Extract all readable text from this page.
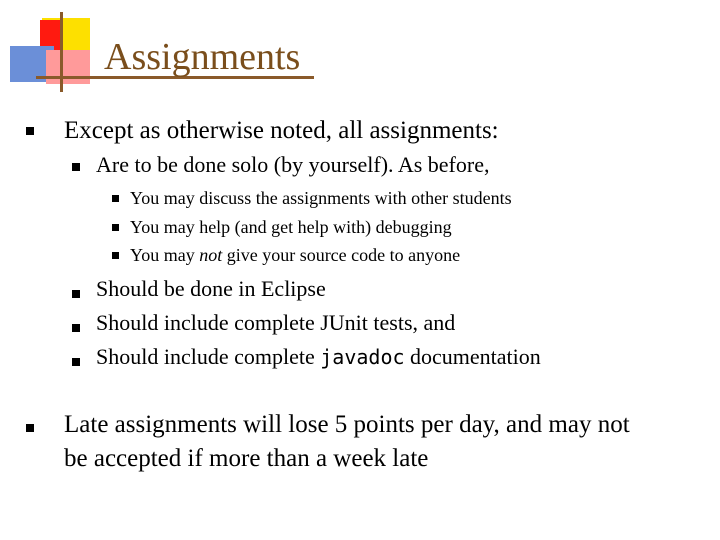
Assignments
Except as otherwise noted, all assignments:
Are to be done solo (by yourself). As before,
You may discuss the assignments with other students
You may help (and get help with) debugging
You may not give your source code to anyone
Should be done in Eclipse
Should include complete JUnit tests, and
Should include complete javadoc documentation
Late assignments will lose 5 points per day, and may not
be accepted if more than a week late
